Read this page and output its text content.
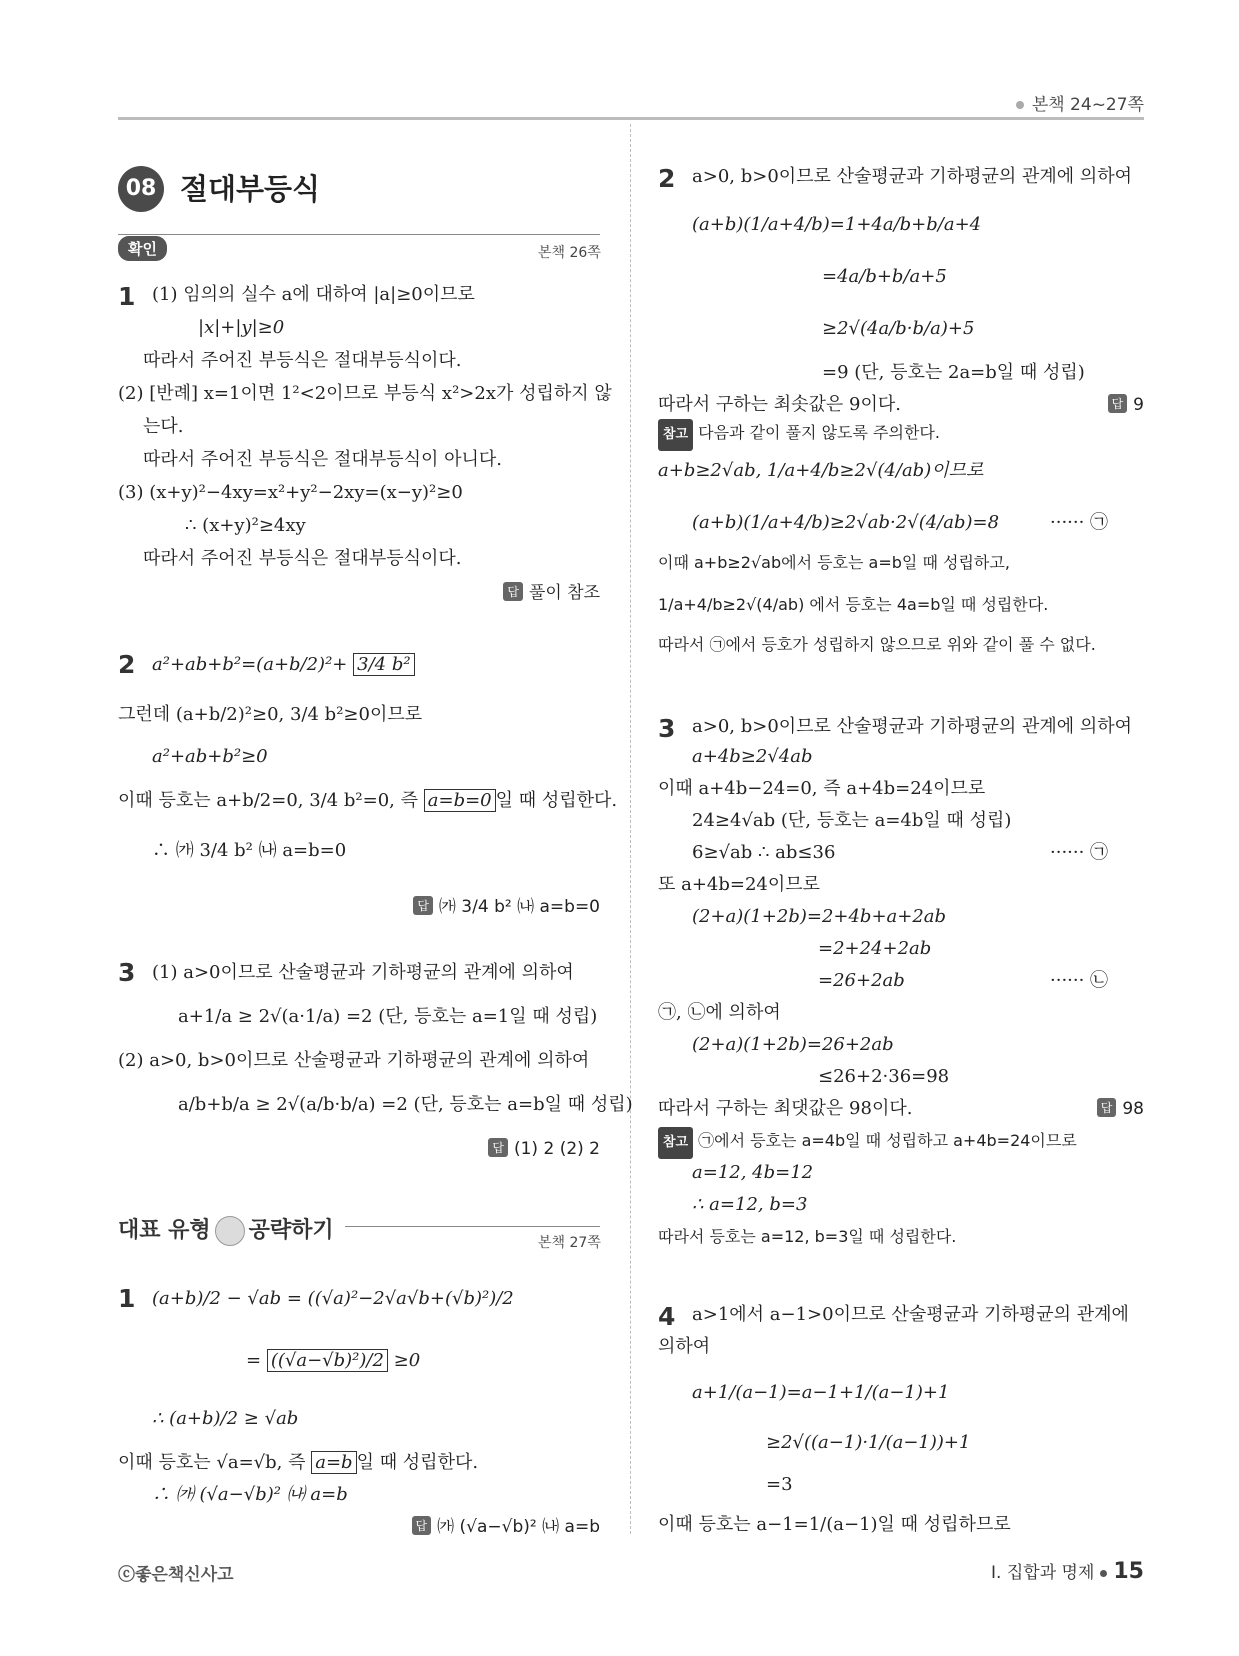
본책 24~27쪽
08 절대부등식
확인	본책 26쪽
1 (1) 임의의 실수 a에 대하여 |a|≥0이므로
|x|+|y|≥0
따라서 주어진 부등식은 절대부등식이다.
(2) [반례] x=1이면 1²<2이므로 부등식 x²>2x가 성립하지 않
는다.
따라서 주어진 부등식은 절대부등식이 아니다.
(3) (x+y)²−4xy=x²+y²−2xy=(x−y)²≥0
∴ (x+y)²≥4xy
따라서 주어진 부등식은 절대부등식이다.
답 풀이 참조
2 a²+ab+b²=(a+b/2)²+ 3/4 b²
그런데 (a+b/2)²≥0, 3/4 b²≥0이므로
a²+ab+b²≥0
이때 등호는 a+b/2=0, 3/4 b²=0, 즉 a=b=0 일 때 성립한다.
∴ ㈎ 3/4 b² ㈏ a=b=0
답 ㈎ 3/4 b² ㈏ a=b=0
3 (1) a>0이므로 산술평균과 기하평균의 관계에 의하여
a+1/a ≥ 2√(a·1/a) =2 (단, 등호는 a=1일 때 성립)
(2) a>0, b>0이므로 산술평균과 기하평균의 관계에 의하여
a/b+b/a ≥ 2√(a/b·b/a) =2 (단, 등호는 a=b일 때 성립)
답 (1) 2 (2) 2
대표 유형 공략하기	본책 27쪽
1 (a+b)/2 − √ab = ((√a)²−2√a√b+(√b)²)/2
= ((√a−√b)²)/2 ≥0
∴ (a+b)/2 ≥ √ab
이때 등호는 √a=√b, 즉 a=b 일 때 성립한다.
∴ ㈎ (√a−√b)² ㈏ a=b
답 ㈎ (√a−√b)² ㈏ a=b
2 a>0, b>0이므로 산술평균과 기하평균의 관계에 의하여
(a+b)(1/a+4/b)=1+4a/b+b/a+4
=4a/b+b/a+5
≥2√(4a/b·b/a)+5
=9 (단, 등호는 2a=b일 때 성립)
따라서 구하는 최솟값은 9이다.	답 9
참고 다음과 같이 풀지 않도록 주의한다.
a+b≥2√ab, 1/a+4/b≥2√(4/ab)이므로
(a+b)(1/a+4/b)≥2√ab·2√(4/ab)=8	······ ㉠
이때 a+b≥2√ab에서 등호는 a=b일 때 성립하고,
1/a+4/b≥2√(4/ab) 에서 등호는 4a=b일 때 성립한다.
따라서 ㉠에서 등호가 성립하지 않으므로 위와 같이 풀 수 없다.
3 a>0, b>0이므로 산술평균과 기하평균의 관계에 의하여
a+4b≥2√4ab
이때 a+4b−24=0, 즉 a+4b=24이므로
24≥4√ab (단, 등호는 a=4b일 때 성립)
6≥√ab ∴ ab≤36	······ ㉠
또 a+4b=24이므로
(2+a)(1+2b)=2+4b+a+2ab
=2+24+2ab
=26+2ab	······ ㉡
㉠, ㉡에 의하여
(2+a)(1+2b)=26+2ab
≤26+2·36=98
따라서 구하는 최댓값은 98이다.	답 98
참고 ㉠에서 등호는 a=4b일 때 성립하고 a+4b=24이므로
a=12, 4b=12
∴ a=12, b=3
따라서 등호는 a=12, b=3일 때 성립한다.
4 a>1에서 a−1>0이므로 산술평균과 기하평균의 관계에
의하여
a+1/(a−1)=a−1+1/(a−1)+1
≥2√((a−1)·1/(a−1))+1
=3
이때 등호는 a−1=1/(a−1)일 때 성립하므로
ⓒ좋은책신사고	Ⅰ. 집합과 명제 15
